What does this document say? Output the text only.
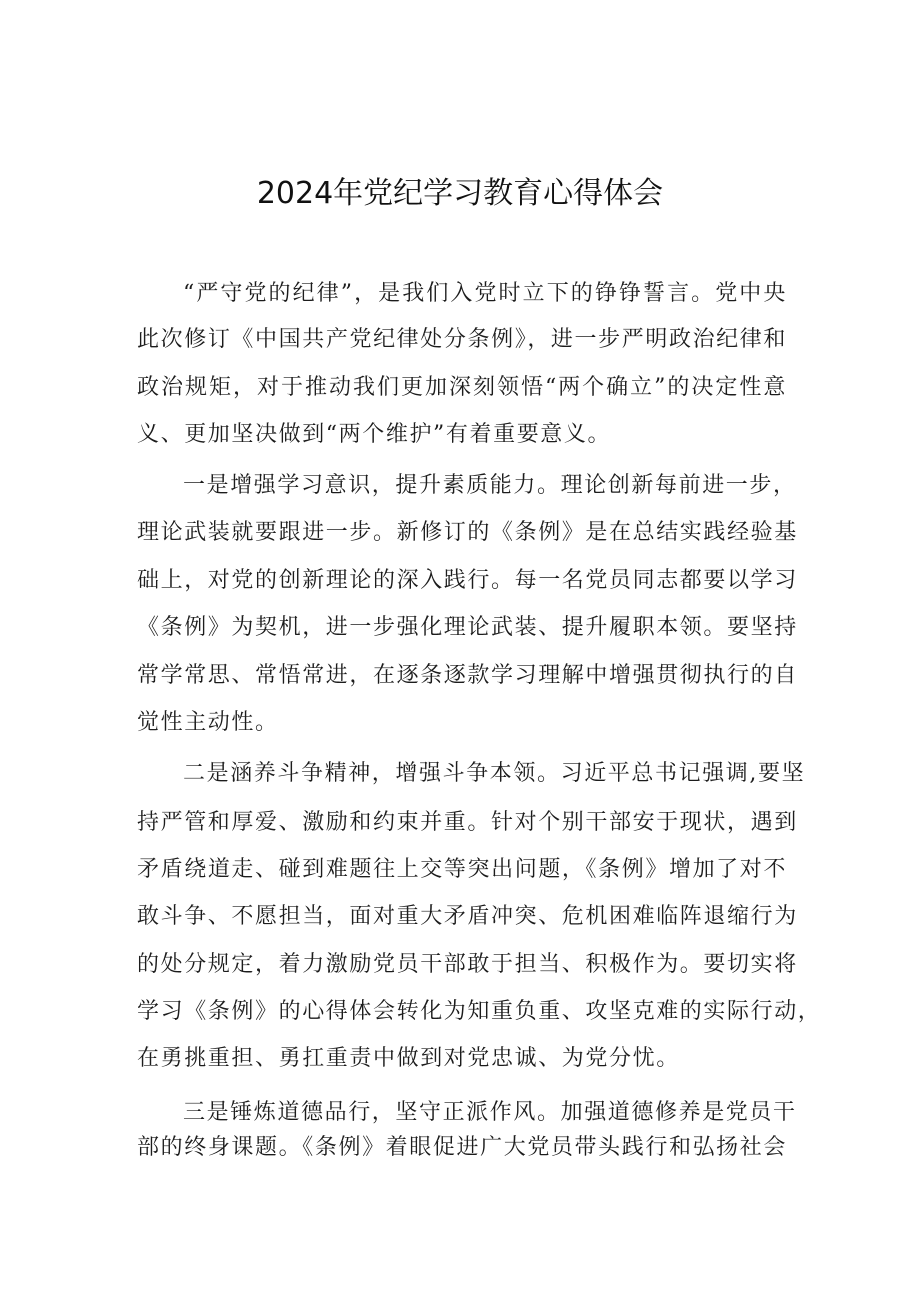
2024年党纪学习教育心得体会
“严守党的纪律”，是我们入党时立下的铮铮誓言。党中央
此次修订《中国共产党纪律处分条例》，进一步严明政治纪律和
政治规矩，对于推动我们更加深刻领悟“两个确立”的决定性意
义、更加坚决做到“两个维护”有着重要意义。
一是增强学习意识，提升素质能力。理论创新每前进一步，
理论武装就要跟进一步。新修订的《条例》是在总结实践经验基
础上，对党的创新理论的深入践行。每一名党员同志都要以学习
《条例》为契机，进一步强化理论武装、提升履职本领。要坚持
常学常思、常悟常进，在逐条逐款学习理解中增强贯彻执行的自
觉性主动性。
二是涵养斗争精神，增强斗争本领。习近平总书记强调,要坚
持严管和厚爱、激励和约束并重。针对个别干部安于现状，遇到
矛盾绕道走、碰到难题往上交等突出问题，《条例》增加了对不
敢斗争、不愿担当，面对重大矛盾冲突、危机困难临阵退缩行为
的处分规定，着力激励党员干部敢于担当、积极作为。要切实将
学习《条例》的心得体会转化为知重负重、攻坚克难的实际行动，
在勇挑重担、勇扛重责中做到对党忠诚、为党分忧。
三是锤炼道德品行，坚守正派作风。加强道德修养是党员干
部的终身课题。《条例》着眼促进广大党员带头践行和弘扬社会
